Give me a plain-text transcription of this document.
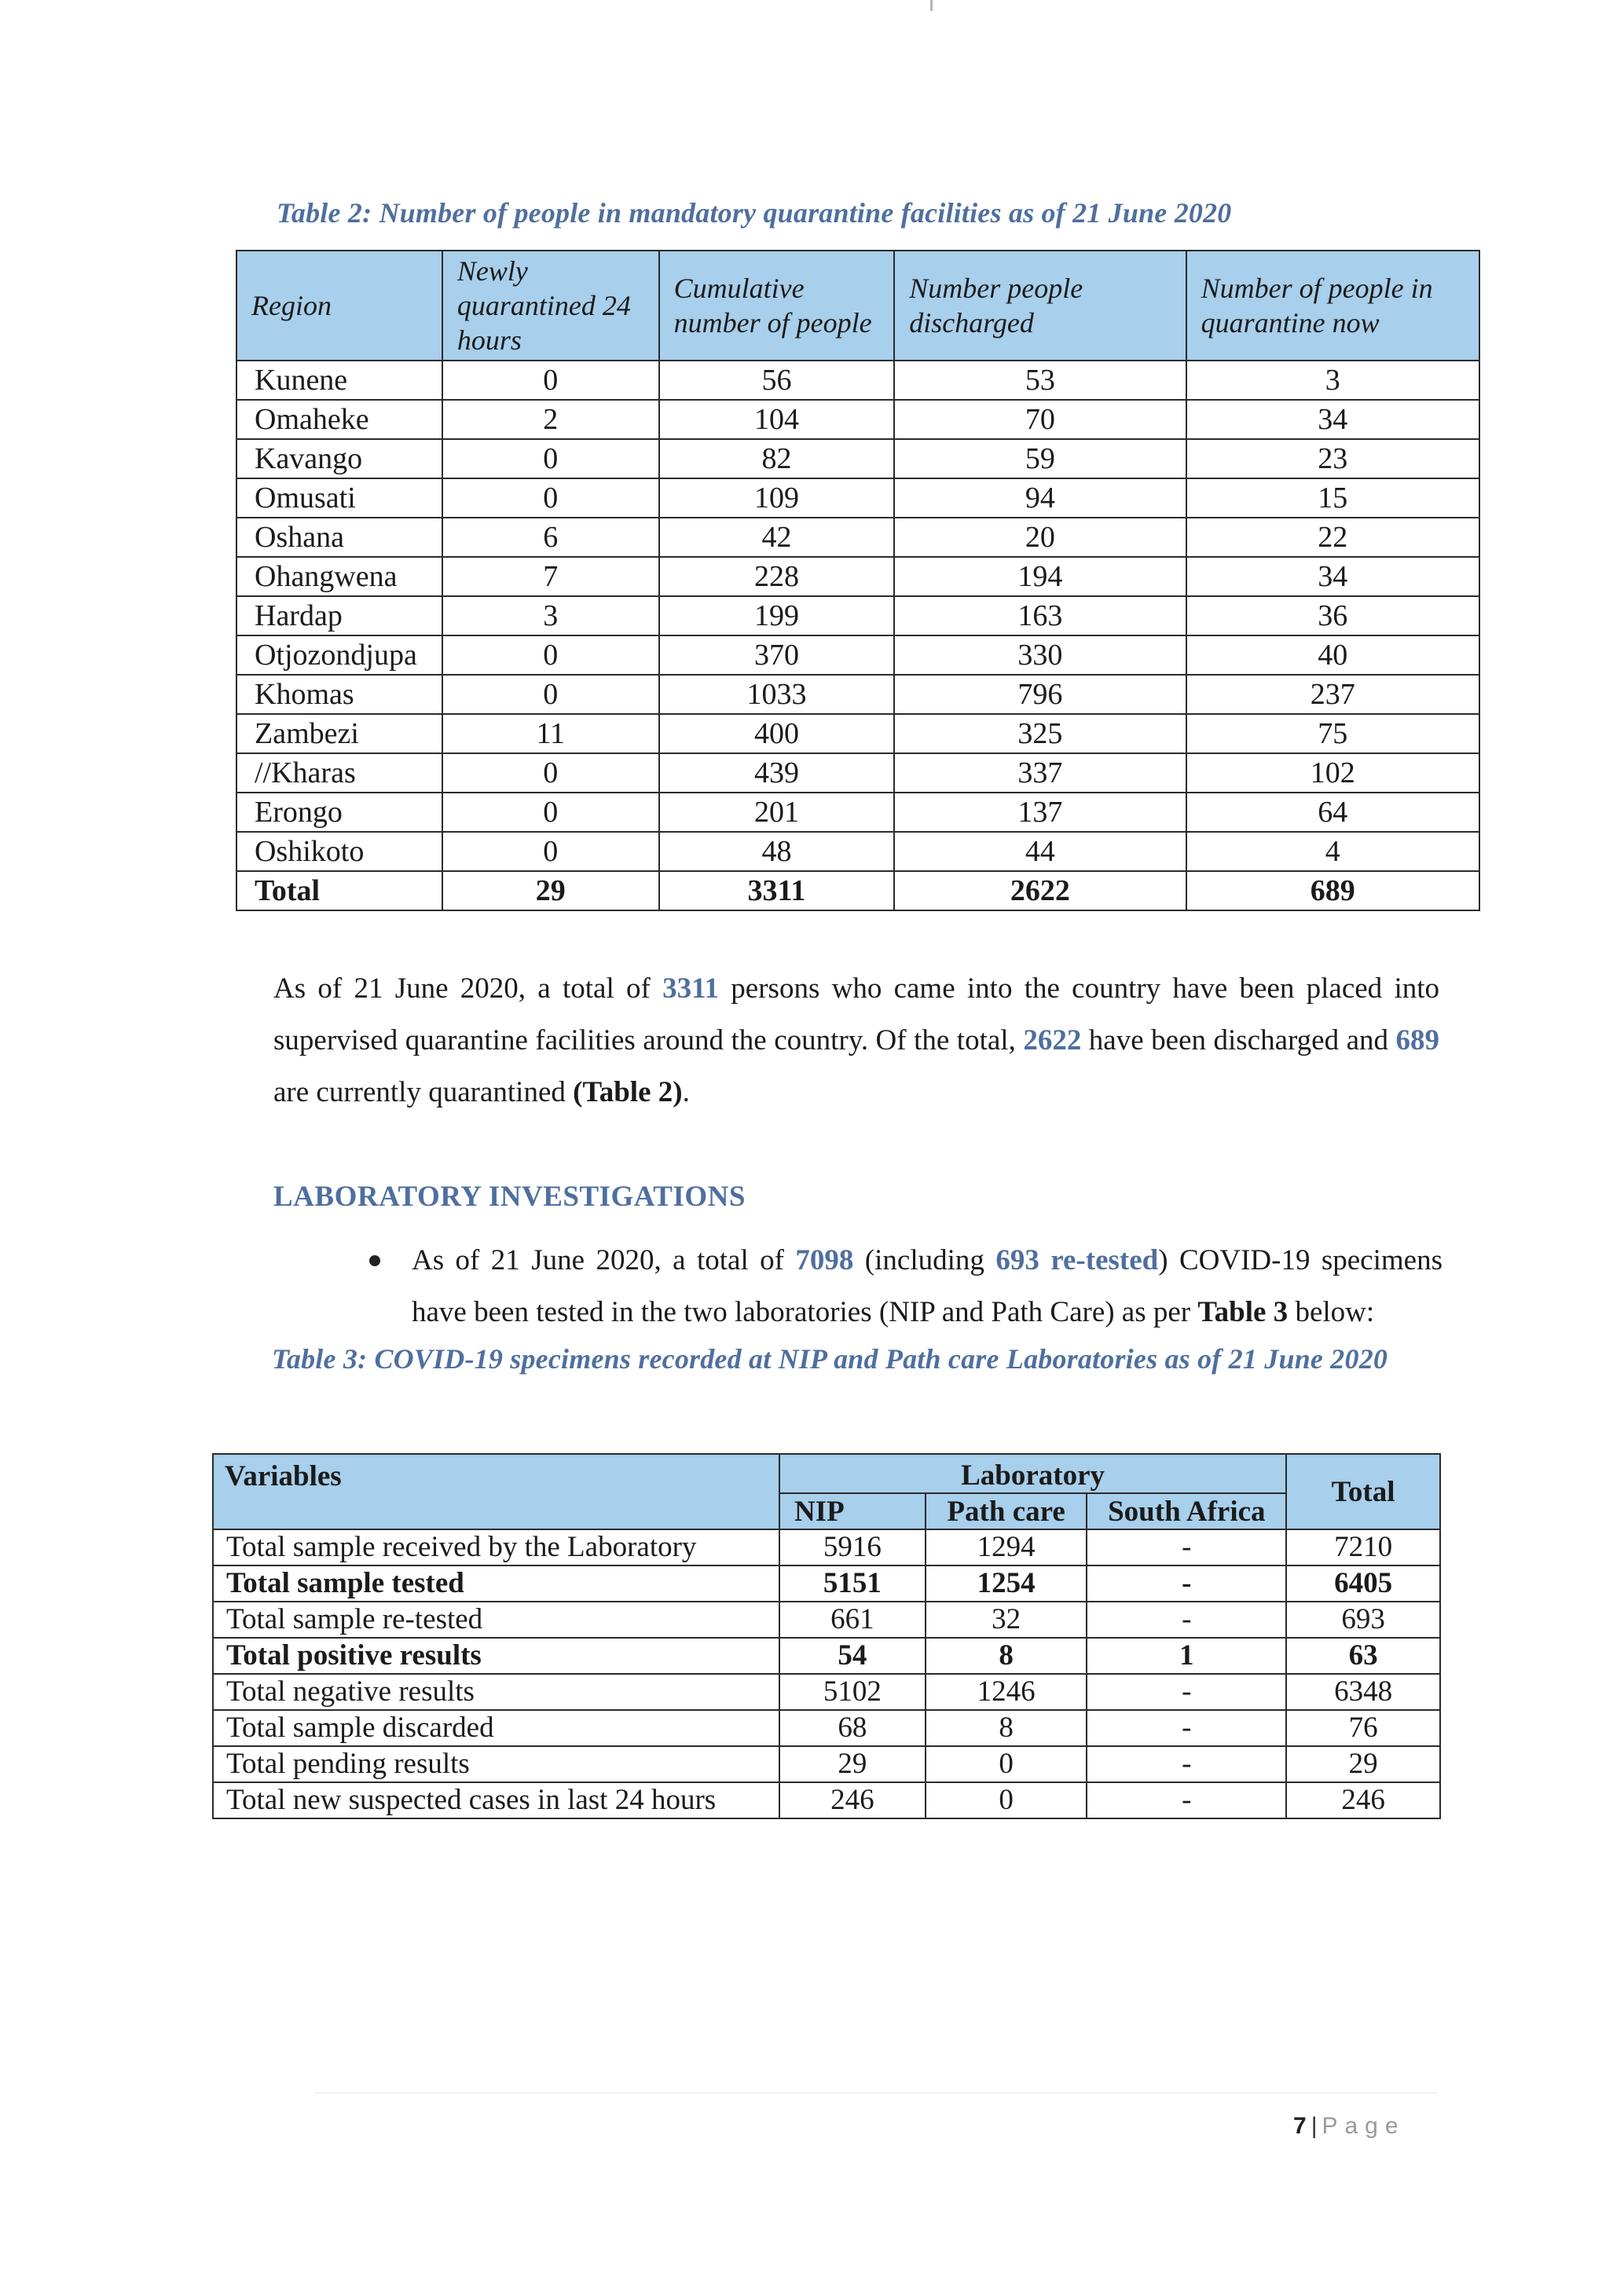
Table 2: Number of people in mandatory quarantine facilities as of 21 June 2020
Region	Newly quarantined 24 hours	Cumulative number of people	Number people discharged	Number of people in quarantine now
Kunene	0	56	53	3
Omaheke	2	104	70	34
Kavango	0	82	59	23
Omusati	0	109	94	15
Oshana	6	42	20	22
Ohangwena	7	228	194	34
Hardap	3	199	163	36
Otjozondjupa	0	370	330	40
Khomas	0	1033	796	237
Zambezi	11	400	325	75
//Kharas	0	439	337	102
Erongo	0	201	137	64
Oshikoto	0	48	44	4
Total	29	3311	2622	689
As of 21 June 2020, a total of 3311 persons who came into the country have been placed into supervised quarantine facilities around the country. Of the total, 2622 have been discharged and 689 are currently quarantined (Table 2).
LABORATORY INVESTIGATIONS
As of 21 June 2020, a total of 7098 (including 693 re-tested) COVID-19 specimens have been tested in the two laboratories (NIP and Path Care) as per Table 3 below:
Table 3: COVID-19 specimens recorded at NIP and Path care Laboratories as of 21 June 2020
Variables	Laboratory			Total
	NIP	Path care	South Africa	
Total sample received by the Laboratory	5916	1294	-	7210
Total sample tested	5151	1254	-	6405
Total sample re-tested	661	32	-	693
Total positive results	54	8	1	63
Total negative results	5102	1246	-	6348
Total sample discarded	68	8	-	76
Total pending results	29	0	-	29
Total new suspected cases in last 24 hours	246	0	-	246
7 | Page
